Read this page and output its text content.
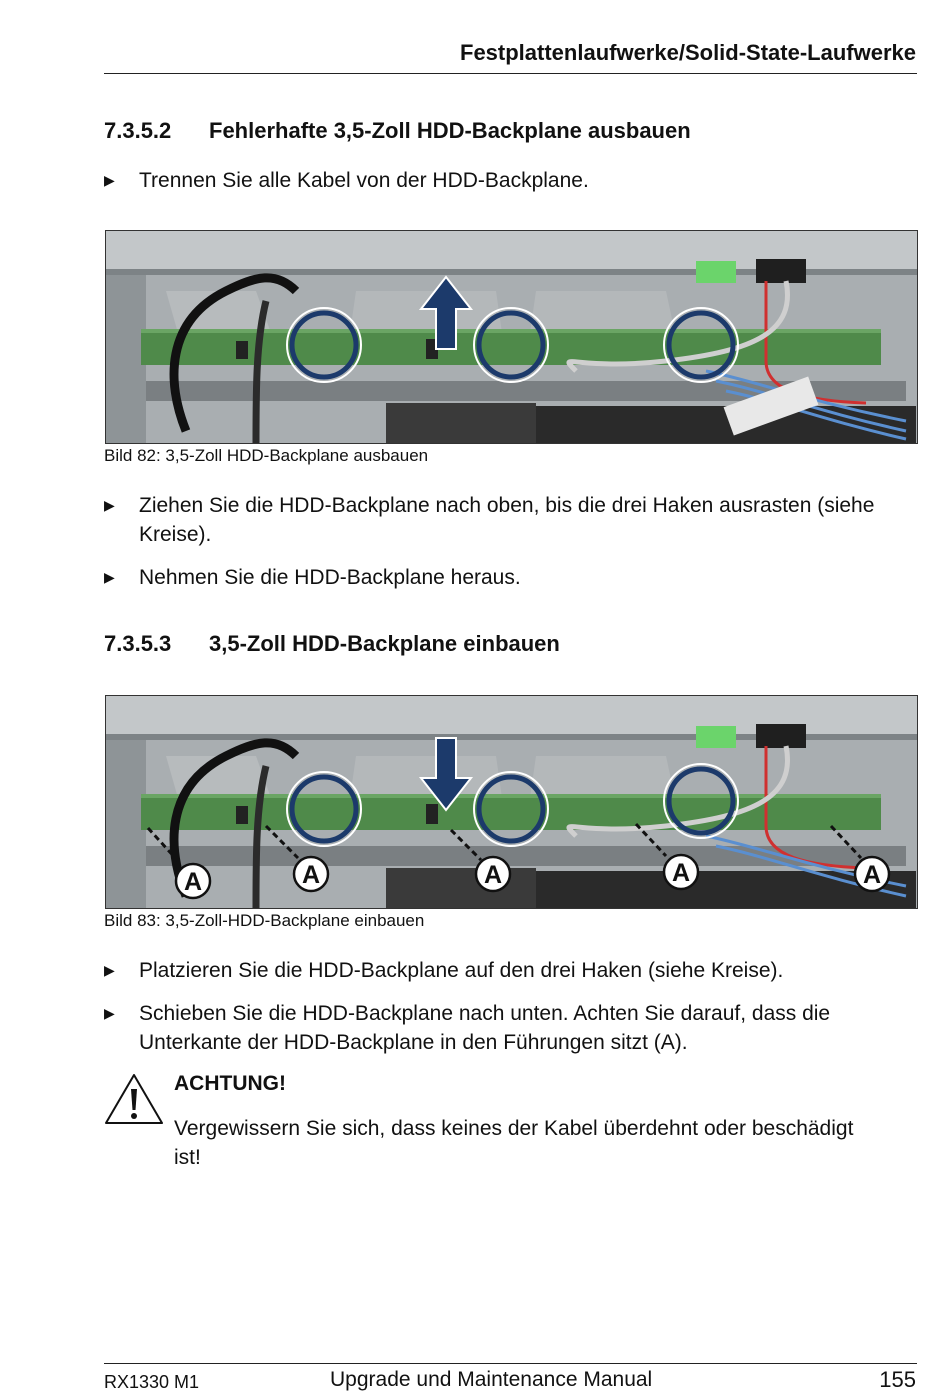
Festplattenlaufwerke/Solid-State-Laufwerke
7.3.5.2 Fehlerhafte 3,5-Zoll HDD-Backplane ausbauen
▶ Trennen Sie alle Kabel von der HDD-Backplane.
Bild 82: 3,5-Zoll HDD-Backplane ausbauen
▶ Ziehen Sie die HDD-Backplane nach oben, bis die drei Haken ausrasten (siehe Kreise).
▶ Nehmen Sie die HDD-Backplane heraus.
7.3.5.3 3,5-Zoll HDD-Backplane einbauen
A	A	A	A	A
Bild 83: 3,5-Zoll-HDD-Backplane einbauen
▶ Platzieren Sie die HDD-Backplane auf den drei Haken (siehe Kreise).
▶ Schieben Sie die HDD-Backplane nach unten. Achten Sie darauf, dass die Unterkante der HDD-Backplane in den Führungen sitzt (A).
ACHTUNG!
Vergewissern Sie sich, dass keines der Kabel überdehnt oder beschädigt ist!
RX1330 M1	Upgrade und Maintenance Manual	155
